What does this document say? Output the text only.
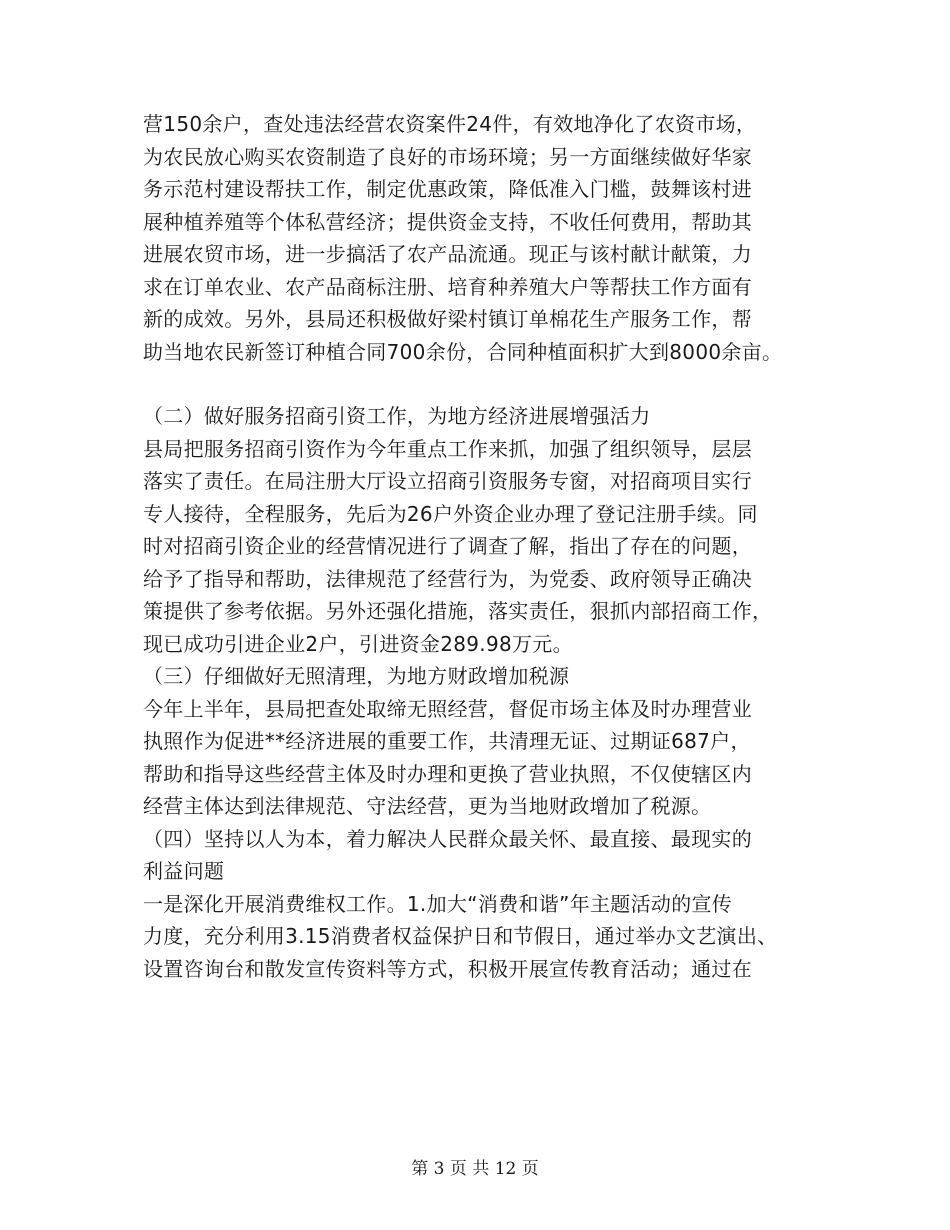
营150余户，查处违法经营农资案件24件，有效地净化了农资市场，
为农民放心购买农资制造了良好的市场环境；另一方面继续做好华家
务示范村建设帮扶工作，制定优惠政策，降低准入门槛，鼓舞该村进
展种植养殖等个体私营经济；提供资金支持，不收任何费用，帮助其
进展农贸市场，进一步搞活了农产品流通。现正与该村献计献策，力
求在订单农业、农产品商标注册、培育种养殖大户等帮扶工作方面有
新的成效。另外，县局还积极做好梁村镇订单棉花生产服务工作，帮
助当地农民新签订种植合同700余份，合同种植面积扩大到8000余亩。
（二）做好服务招商引资工作，为地方经济进展增强活力
县局把服务招商引资作为今年重点工作来抓，加强了组织领导，层层
落实了责任。在局注册大厅设立招商引资服务专窗，对招商项目实行
专人接待，全程服务，先后为26户外资企业办理了登记注册手续。同
时对招商引资企业的经营情况进行了调查了解，指出了存在的问题，
给予了指导和帮助，法律规范了经营行为，为党委、政府领导正确决
策提供了参考依据。另外还强化措施，落实责任，狠抓内部招商工作，
现已成功引进企业2户，引进资金289.98万元。
（三）仔细做好无照清理，为地方财政增加税源
今年上半年，县局把查处取缔无照经营，督促市场主体及时办理营业
执照作为促进**经济进展的重要工作，共清理无证、过期证687户，
帮助和指导这些经营主体及时办理和更换了营业执照，不仅使辖区内
经营主体达到法律规范、守法经营，更为当地财政增加了税源。
（四）坚持以人为本，着力解决人民群众最关怀、最直接、最现实的
利益问题
一是深化开展消费维权工作。1.加大“消费和谐”年主题活动的宣传
力度，充分利用3.15消费者权益保护日和节假日，通过举办文艺演出、
设置咨询台和散发宣传资料等方式，积极开展宣传教育活动；通过在
第 3 页 共 12 页
